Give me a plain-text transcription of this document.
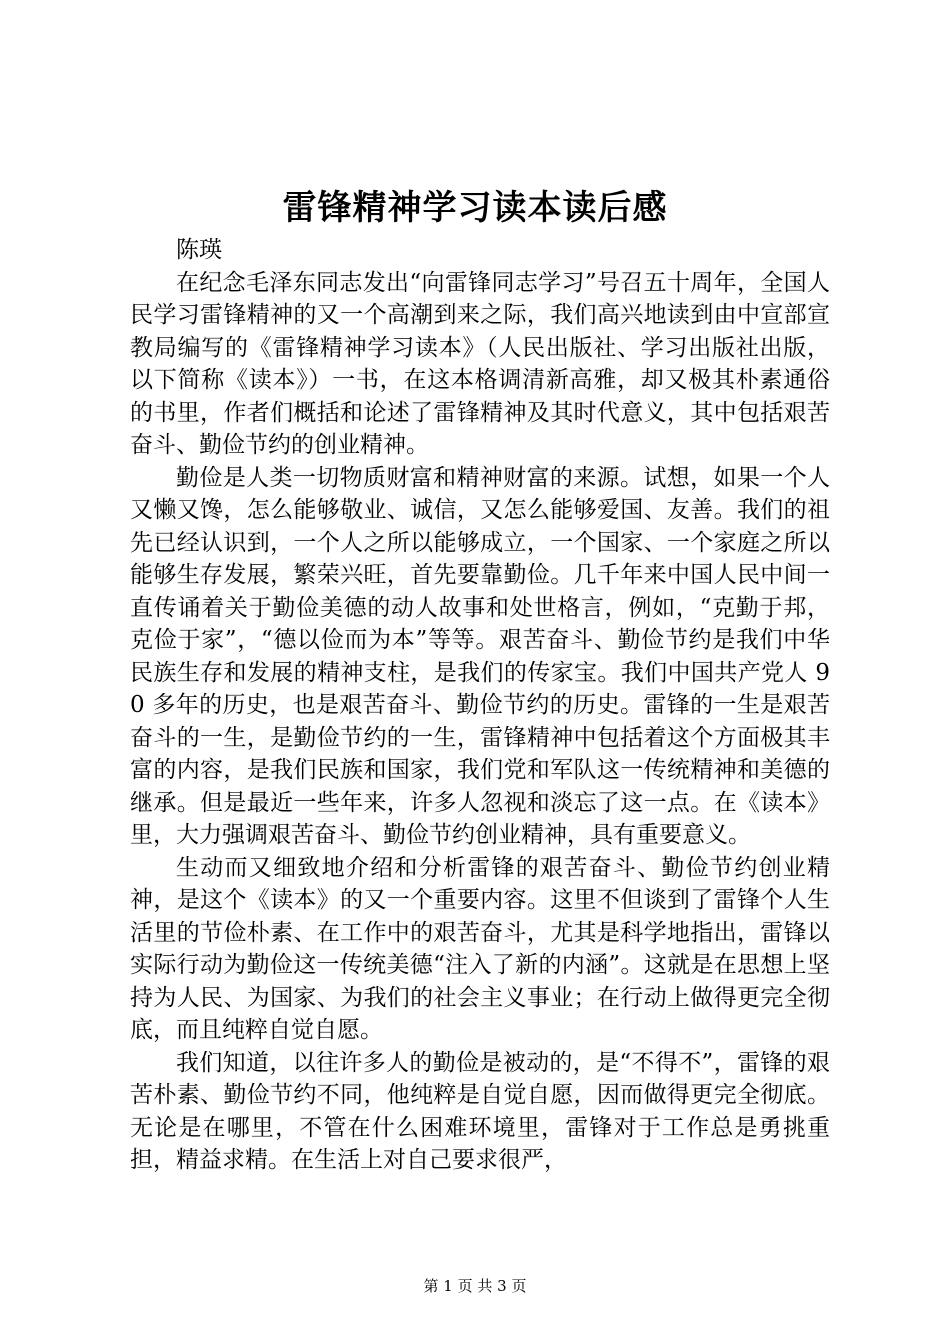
雷锋精神学习读本读后感

陈瑛

在纪念毛泽东同志发出“向雷锋同志学习”号召五十周年，全国人民学习雷锋精神的又一个高潮到来之际，我们高兴地读到由中宣部宣教局编写的《雷锋精神学习读本》（人民出版社、学习出版社出版，以下简称《读本》）一书，在这本格调清新高雅，却又极其朴素通俗的书里，作者们概括和论述了雷锋精神及其时代意义，其中包括艰苦奋斗、勤俭节约的创业精神。

勤俭是人类一切物质财富和精神财富的来源。试想，如果一个人又懒又馋，怎么能够敬业、诚信，又怎么能够爱国、友善。我们的祖先已经认识到，一个人之所以能够成立，一个国家、一个家庭之所以能够生存发展，繁荣兴旺，首先要靠勤俭。几千年来中国人民中间一直传诵着关于勤俭美德的动人故事和处世格言，例如，“克勤于邦，克俭于家”，“德以俭而为本”等等。艰苦奋斗、勤俭节约是我们中华民族生存和发展的精神支柱，是我们的传家宝。我们中国共产党人 90 多年的历史，也是艰苦奋斗、勤俭节约的历史。雷锋的一生是艰苦奋斗的一生，是勤俭节约的一生，雷锋精神中包括着这个方面极其丰富的内容，是我们民族和国家，我们党和军队这一传统精神和美德的继承。但是最近一些年来，许多人忽视和淡忘了这一点。在《读本》里，大力强调艰苦奋斗、勤俭节约创业精神，具有重要意义。

生动而又细致地介绍和分析雷锋的艰苦奋斗、勤俭节约创业精神，是这个《读本》的又一个重要内容。这里不但谈到了雷锋个人生活里的节俭朴素、在工作中的艰苦奋斗，尤其是科学地指出，雷锋以实际行动为勤俭这一传统美德“注入了新的内涵”。这就是在思想上坚持为人民、为国家、为我们的社会主义事业；在行动上做得更完全彻底，而且纯粹自觉自愿。

我们知道，以往许多人的勤俭是被动的，是“不得不”，雷锋的艰苦朴素、勤俭节约不同，他纯粹是自觉自愿，因而做得更完全彻底。无论是在哪里，不管在什么困难环境里，雷锋对于工作总是勇挑重担，精益求精。在生活上对自己要求很严，

第 1 页 共 3 页
